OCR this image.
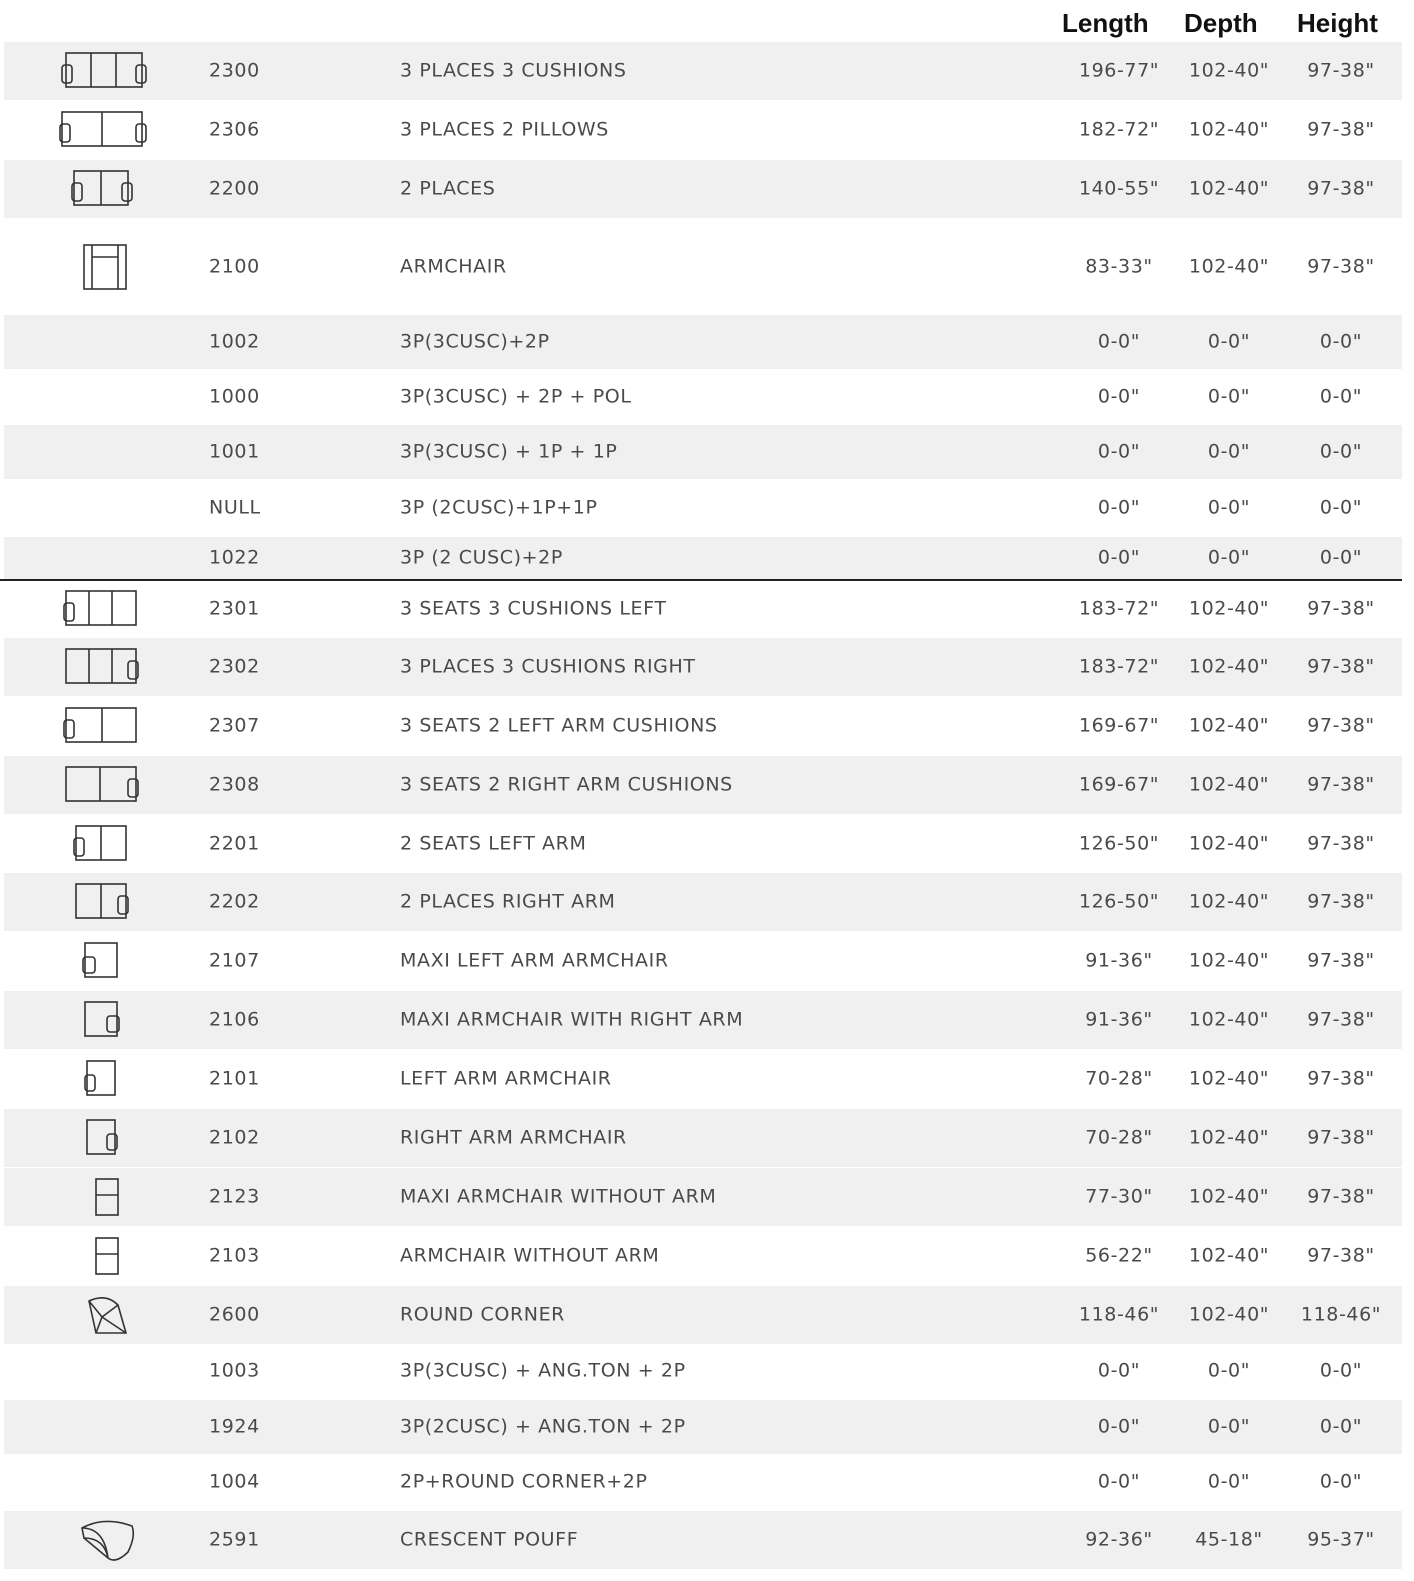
Length Depth Height
2300	3 PLACES 3 CUSHIONS	196-77"	102-40"	97-38"
2306	3 PLACES 2 PILLOWS	182-72"	102-40"	97-38"
2200	2 PLACES	140-55"	102-40"	97-38"
2100	ARMCHAIR	83-33"	102-40"	97-38"
1002	3P(3CUSC)+2P	0-0"	0-0"	0-0"
1000	3P(3CUSC) + 2P + POL	0-0"	0-0"	0-0"
1001	3P(3CUSC) + 1P + 1P	0-0"	0-0"	0-0"
NULL	3P (2CUSC)+1P+1P	0-0"	0-0"	0-0"
1022	3P (2 CUSC)+2P	0-0"	0-0"	0-0"
2301	3 SEATS 3 CUSHIONS LEFT	183-72"	102-40"	97-38"
2302	3 PLACES 3 CUSHIONS RIGHT	183-72"	102-40"	97-38"
2307	3 SEATS 2 LEFT ARM CUSHIONS	169-67"	102-40"	97-38"
2308	3 SEATS 2 RIGHT ARM CUSHIONS	169-67"	102-40"	97-38"
2201	2 SEATS LEFT ARM	126-50"	102-40"	97-38"
2202	2 PLACES RIGHT ARM	126-50"	102-40"	97-38"
2107	MAXI LEFT ARM ARMCHAIR	91-36"	102-40"	97-38"
2106	MAXI ARMCHAIR WITH RIGHT ARM	91-36"	102-40"	97-38"
2101	LEFT ARM ARMCHAIR	70-28"	102-40"	97-38"
2102	RIGHT ARM ARMCHAIR	70-28"	102-40"	97-38"
2123	MAXI ARMCHAIR WITHOUT ARM	77-30"	102-40"	97-38"
2103	ARMCHAIR WITHOUT ARM	56-22"	102-40"	97-38"
2600	ROUND CORNER	118-46"	102-40"	118-46"
1003	3P(3CUSC) + ANG.TON + 2P	0-0"	0-0"	0-0"
1924	3P(2CUSC) + ANG.TON + 2P	0-0"	0-0"	0-0"
1004	2P+ROUND CORNER+2P	0-0"	0-0"	0-0"
2591	CRESCENT POUFF	92-36"	45-18"	95-37"
